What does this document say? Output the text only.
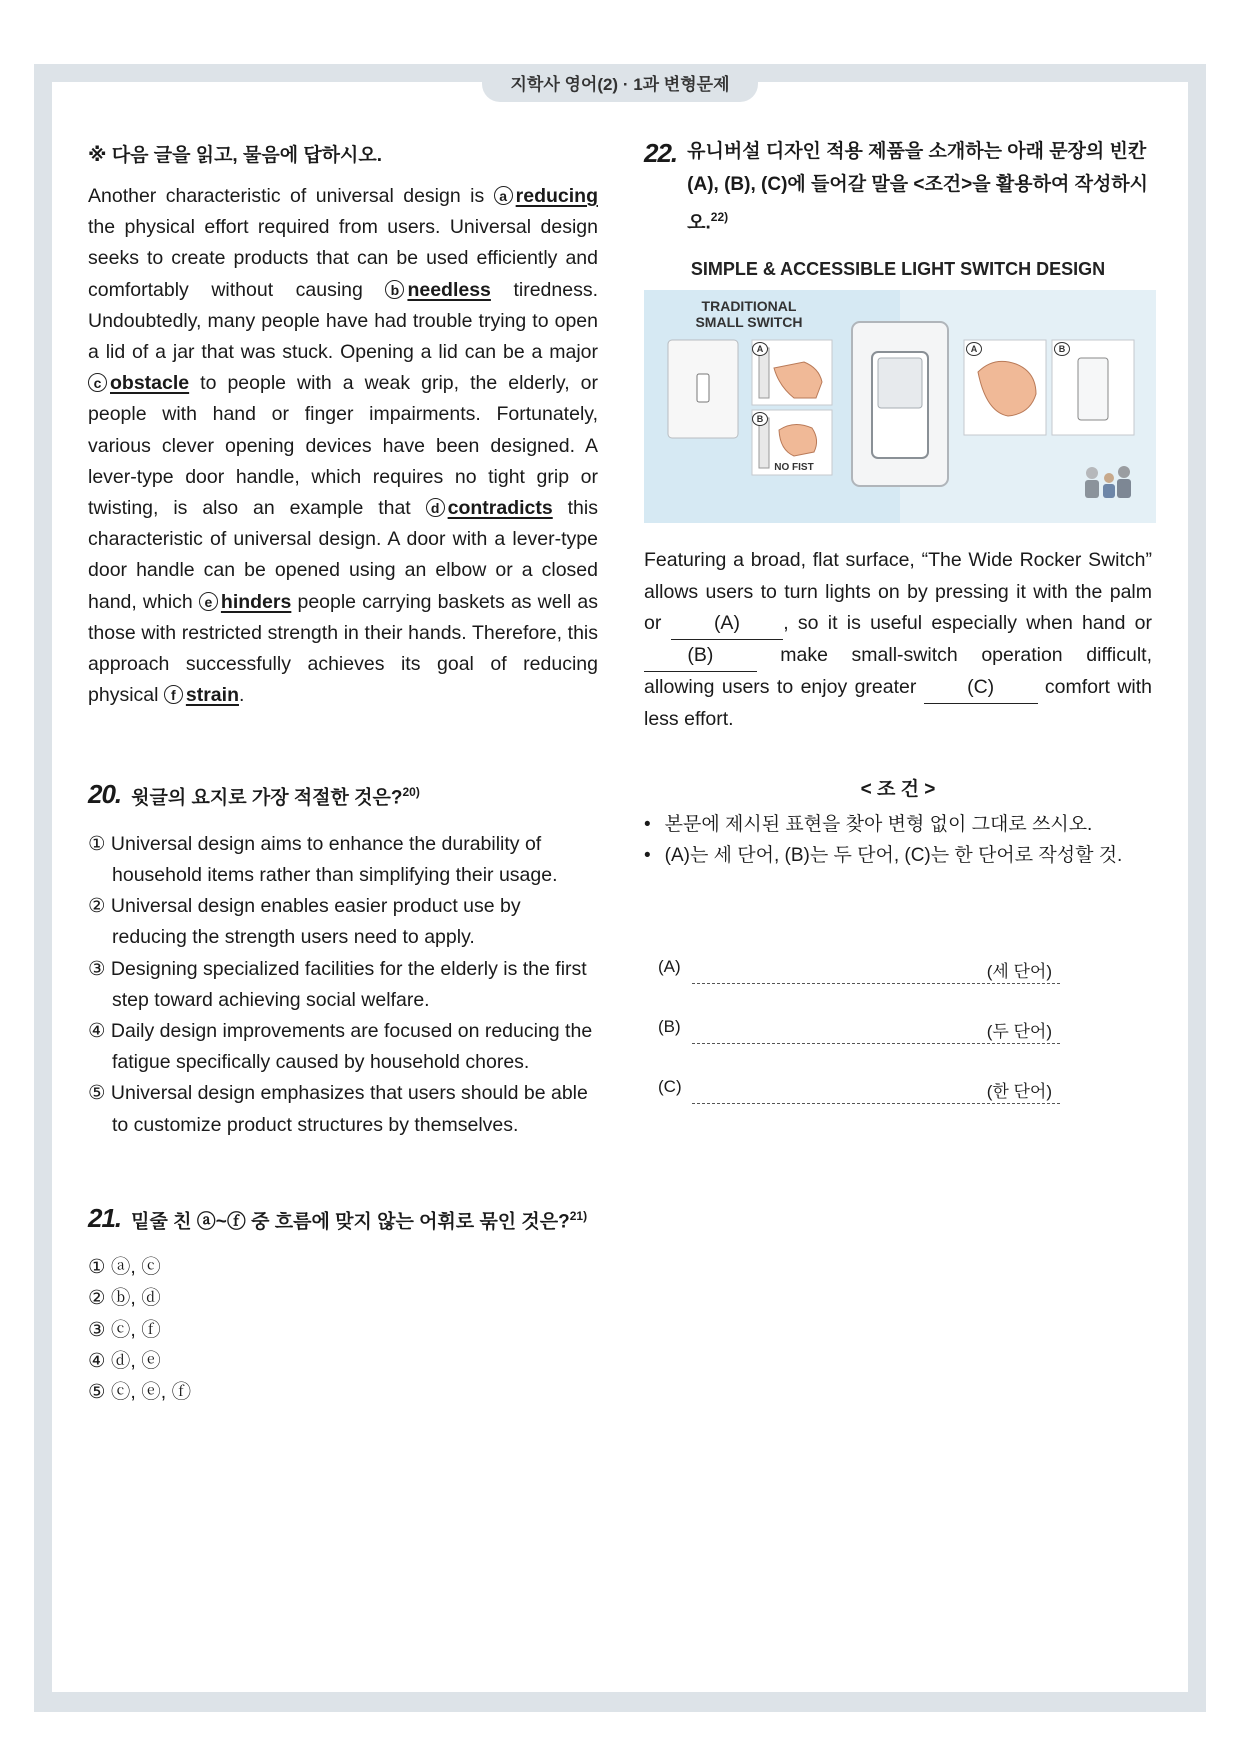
지학사 영어(2) · 1과 변형문제

※ 다음 글을 읽고, 물음에 답하시오.

Another characteristic of universal design is a reducing the physical effort required from users. Universal design seeks to create products that can be used efficiently and comfortably without causing b needless tiredness. Undoubtedly, many people have had trouble trying to open a lid of a jar that was stuck. Opening a lid can be a major c obstacle to people with a weak grip, the elderly, or people with hand or finger impairments. Fortunately, various clever opening devices have been designed. A lever-type door handle, which requires no tight grip or twisting, is also an example that d contradicts this characteristic of universal design. A door with a lever-type door handle can be opened using an elbow or a closed hand, which e hinders people carrying baskets as well as those with restricted strength in their hands. Therefore, this approach successfully achieves its goal of reducing physical f strain.

20. 윗글의 요지로 가장 적절한 것은?$^{20)}$
① Universal design aims to enhance the durability of household items rather than simplifying their usage.
② Universal design enables easier product use by reducing the strength users need to apply.
③ Designing specialized facilities for the elderly is the first step toward achieving social welfare.
④ Daily design improvements are focused on reducing the fatigue specifically caused by household chores.
⑤ Universal design emphasizes that users should be able to customize product structures by themselves.
21. 밑줄 친 ⓐ~ⓕ 중 흐름에 맞지 않는 어휘로 묶인 것은?$^{21)}$
① ⓐ, ⓒ
② ⓑ, ⓓ
③ ⓒ, ⓕ
④ ⓓ, ⓔ
⑤ ⓒ, ⓔ, ⓕ
22. 유니버설 디자인 적용 제품을 소개하는 아래 문장의 빈칸 (A), (B), (C)에 들어갈 말을 <조건>을 활용하여 작성하시오.$^{22)}$
SIMPLE & ACCESSIBLE LIGHT SWITCH DESIGN
TRADITIONAL
SMALL SWITCH
A
B
A	B
NO FIST

Featuring a broad, flat surface, “The Wide Rocker Switch” allows users to turn lights on by pressing it with the palm or	(A) , so it is useful especially when hand or         (B)	make small-switch operation difficult, allowing users to enjoy greater	(C)	comfort with less effort.

< 조 건 >
• 본문에 제시된 표현을 찾아 변형 없이 그대로 쓰시오.
• (A)는 세 단어, (B)는 두 단어, (C)는 한 단어로 작성할 것.
(A)	(세 단어)
(B)	(두 단어)
(C)	(한 단어)
